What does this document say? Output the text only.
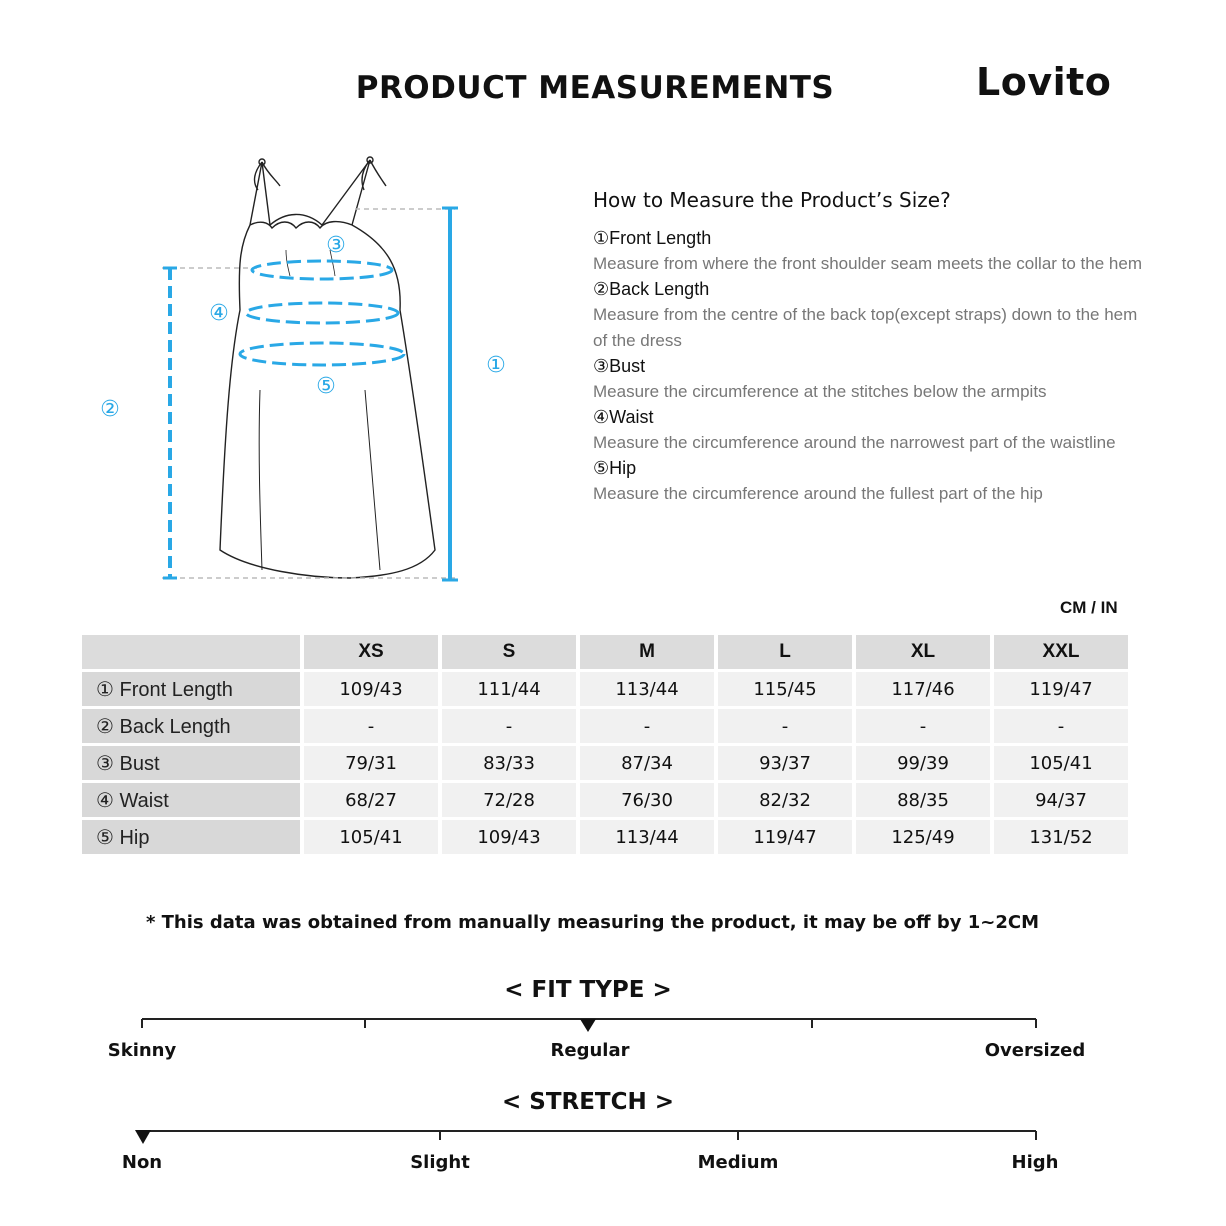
PRODUCT MEASUREMENTS	Lovito
①
②
③
④
⑤
How to Measure the Product’s Size?
①Front Length
Measure from where the front shoulder seam meets the collar to the hem
②Back Length
Measure from the centre of the back top(except straps) down to the hem of the dress
③Bust
Measure the circumference at the stitches below the armpits
④Waist
Measure the circumference around the narrowest part of the waistline
⑤Hip
Measure the circumference around the fullest part of the hip
CM / IN
	XS	S	M	L	XL	XXL
① Front Length	109/43	111/44	113/44	115/45	117/46	119/47
② Back Length	-	-	-	-	-	-
③ Bust	79/31	83/33	87/34	93/37	99/39	105/41
④ Waist	68/27	72/28	76/30	82/32	88/35	94/37
⑤ Hip	105/41	109/43	113/44	119/47	125/49	131/52
* This data was obtained from manually measuring the product, it may be off by 1~2CM
< FIT TYPE >
Skinny	Regular	Oversized
< STRETCH >
Non	Slight	Medium	High
